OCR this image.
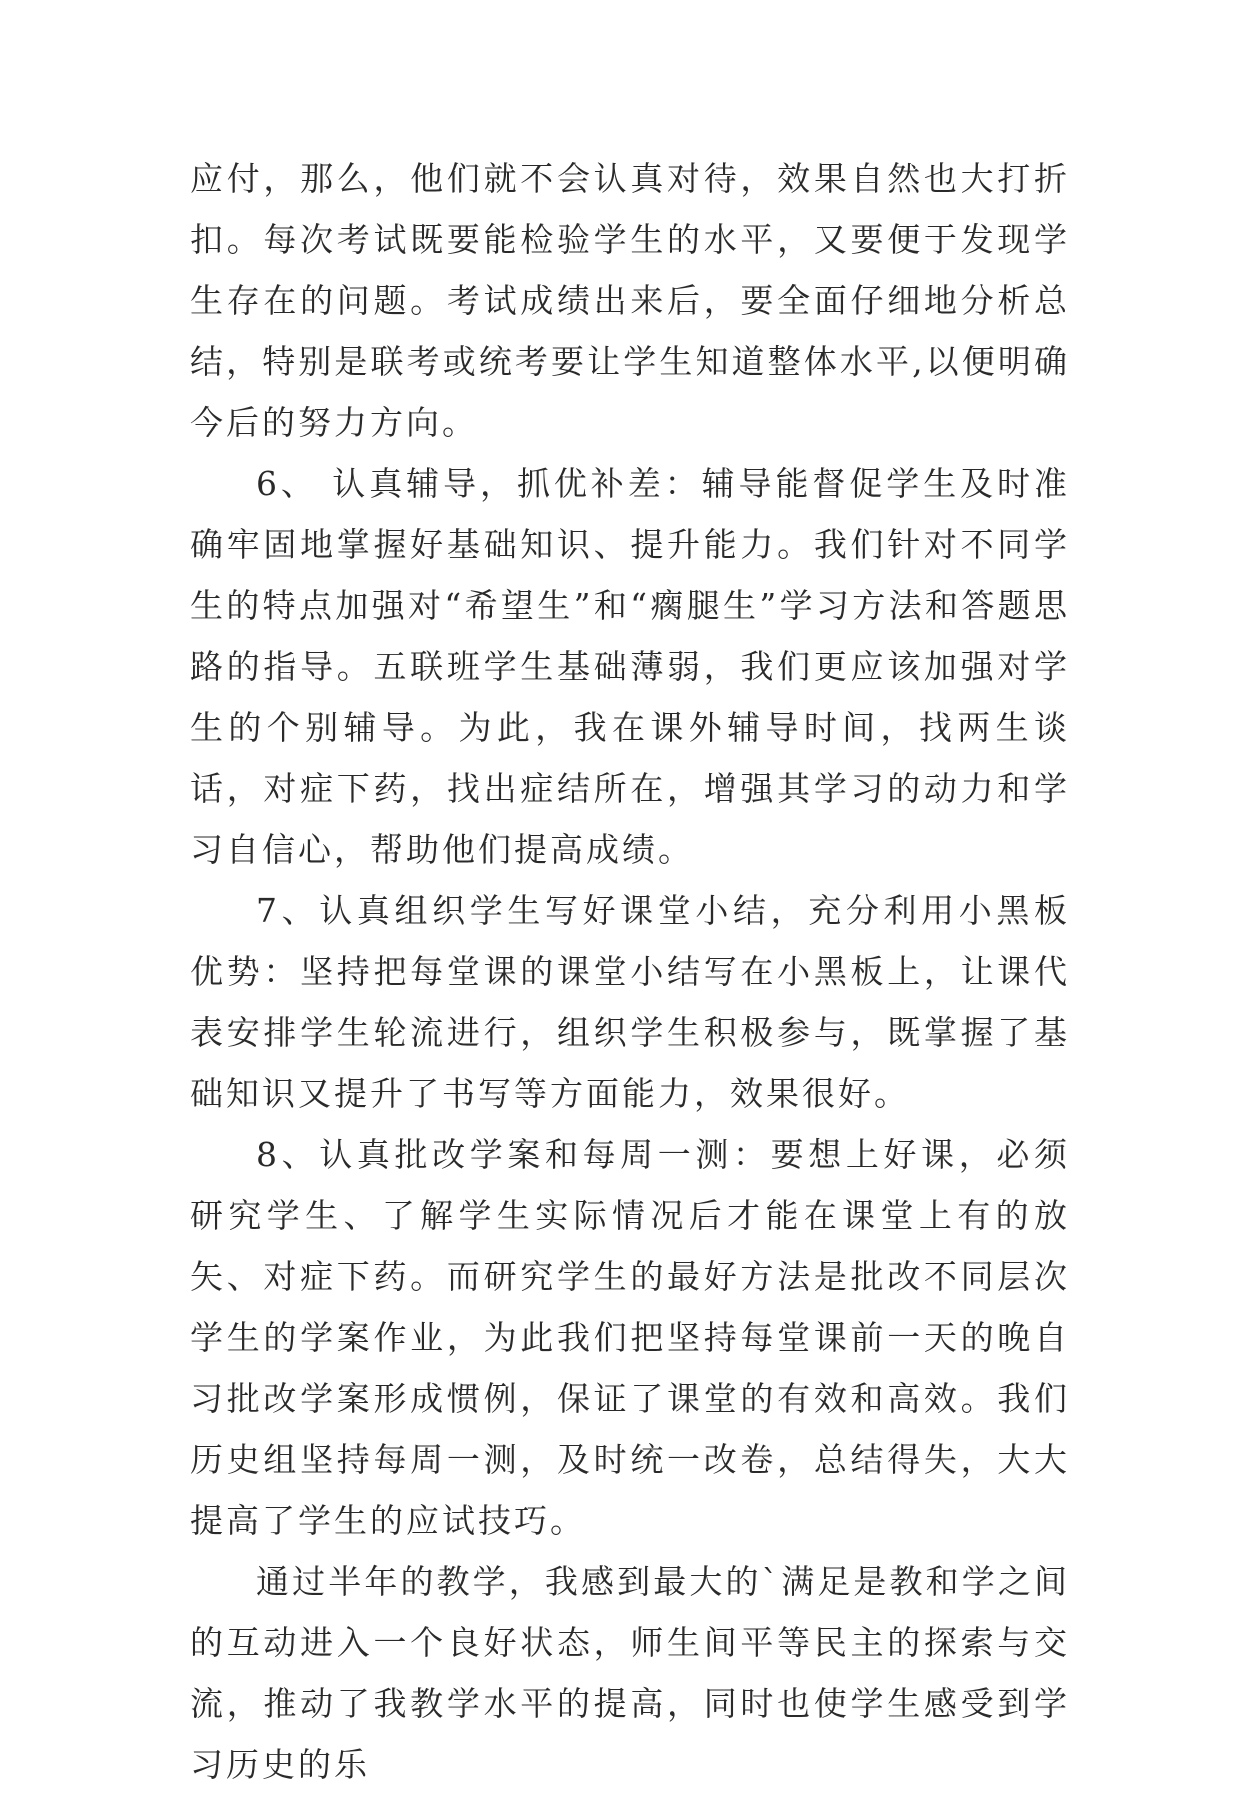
应付，那么，他们就不会认真对待，效果自然也大打折扣。每次考试既要能检验学生的水平，又要便于发现学生存在的问题。考试成绩出来后，要全面仔细地分析总结，特别是联考或统考要让学生知道整体水平,以便明确今后的努力方向。

6、 认真辅导，抓优补差：辅导能督促学生及时准确牢固地掌握好基础知识、提升能力。我们针对不同学生的特点加强对“希望生”和“瘸腿生”学习方法和答题思路的指导。五联班学生基础薄弱，我们更应该加强对学生的个别辅导。为此，我在课外辅导时间，找两生谈话，对症下药，找出症结所在，增强其学习的动力和学习自信心，帮助他们提高成绩。

7、认真组织学生写好课堂小结，充分利用小黑板优势：坚持把每堂课的课堂小结写在小黑板上，让课代表安排学生轮流进行，组织学生积极参与，既掌握了基础知识又提升了书写等方面能力，效果很好。

8、认真批改学案和每周一测：要想上好课，必须研究学生、了解学生实际情况后才能在课堂上有的放矢、对症下药。而研究学生的最好方法是批改不同层次学生的学案作业，为此我们把坚持每堂课前一天的晚自习批改学案形成惯例，保证了课堂的有效和高效。我们历史组坚持每周一测，及时统一改卷，总结得失，大大提高了学生的应试技巧。

通过半年的教学，我感到最大的`满足是教和学之间的互动进入一个良好状态，师生间平等民主的探索与交流，推动了我教学水平的提高，同时也使学生感受到学习历史的乐
